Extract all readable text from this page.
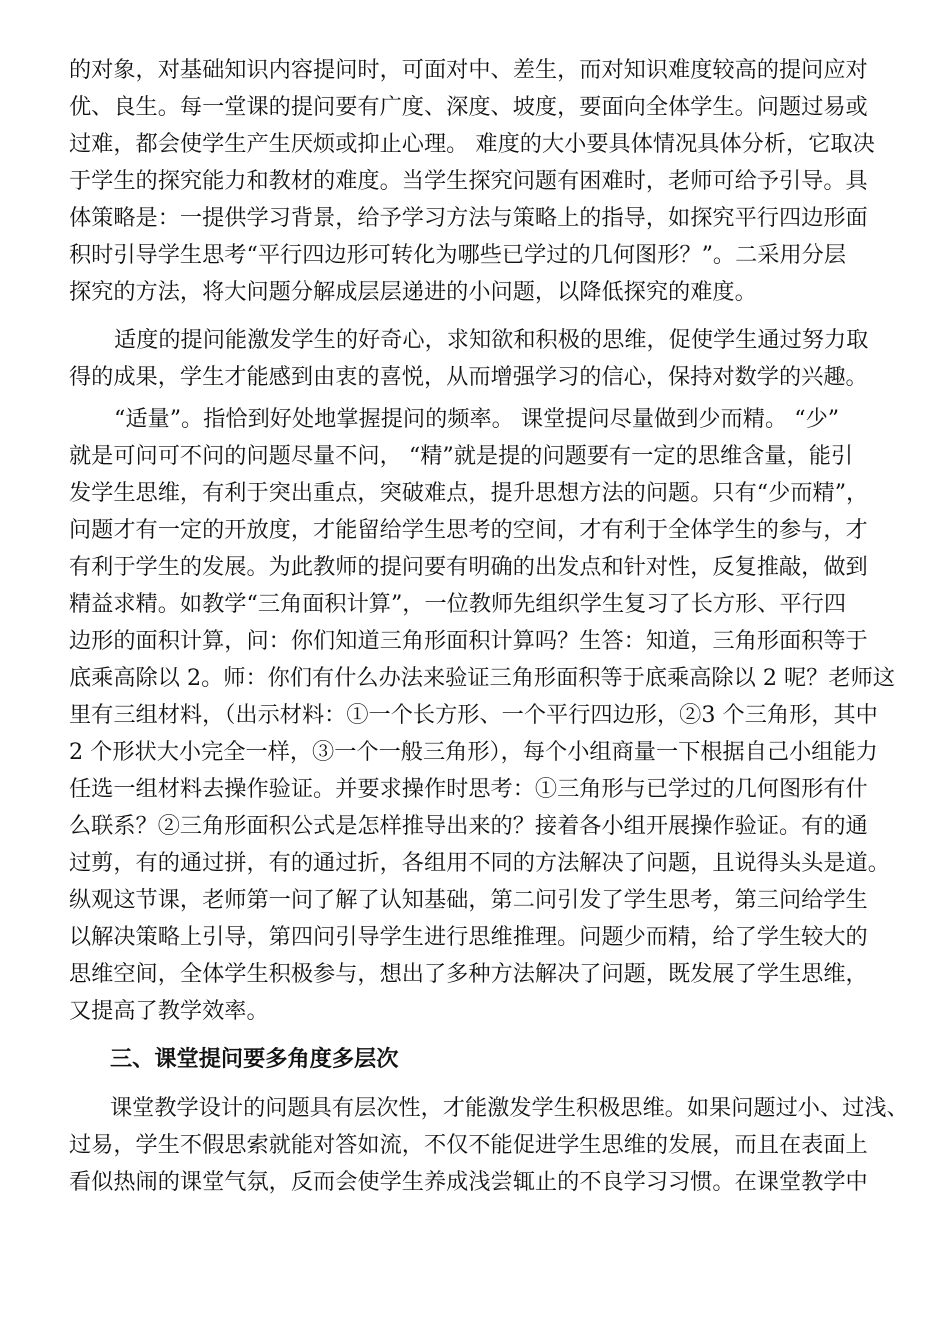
的对象，对基础知识内容提问时，可面对中、差生，而对知识难度较高的提问应对
优、良生。每一堂课的提问要有广度、深度、坡度，要面向全体学生。问题过易或
过难，都会使学生产生厌烦或抑止心理。 难度的大小要具体情况具体分析，它取决
于学生的探究能力和教材的难度。当学生探究问题有困难时，老师可给予引导。具
体策略是：一提供学习背景，给予学习方法与策略上的指导，如探究平行四边形面
积时引导学生思考“平行四边形可转化为哪些已学过的几何图形？”。二采用分层
探究的方法，将大问题分解成层层递进的小问题，以降低探究的难度。
适度的提问能激发学生的好奇心，求知欲和积极的思维，促使学生通过努力取
得的成果，学生才能感到由衷的喜悦，从而增强学习的信心，保持对数学的兴趣。
“适量”。指恰到好处地掌握提问的频率。 课堂提问尽量做到少而精。 “少”
就是可问可不问的问题尽量不问， “精”就是提的问题要有一定的思维含量，能引
发学生思维，有利于突出重点，突破难点，提升思想方法的问题。只有“少而精”，
问题才有一定的开放度，才能留给学生思考的空间，才有利于全体学生的参与，才
有利于学生的发展。为此教师的提问要有明确的出发点和针对性，反复推敲，做到
精益求精。如教学“三角面积计算”，一位教师先组织学生复习了长方形、平行四
边形的面积计算，问：你们知道三角形面积计算吗？生答：知道，三角形面积等于
底乘高除以 2。师：你们有什么办法来验证三角形面积等于底乘高除以 2 呢？老师这
里有三组材料，（出示材料：①一个长方形、一个平行四边形，②3 个三角形，其中
2 个形状大小完全一样，③一个一般三角形），每个小组商量一下根据自己小组能力
任选一组材料去操作验证。并要求操作时思考：①三角形与已学过的几何图形有什
么联系？②三角形面积公式是怎样推导出来的？接着各小组开展操作验证。有的通
过剪，有的通过拼，有的通过折，各组用不同的方法解决了问题，且说得头头是道。
纵观这节课，老师第一问了解了认知基础，第二问引发了学生思考，第三问给学生
以解决策略上引导，第四问引导学生进行思维推理。问题少而精，给了学生较大的
思维空间，全体学生积极参与，想出了多种方法解决了问题，既发展了学生思维，
又提高了教学效率。
三、课堂提问要多角度多层次
课堂教学设计的问题具有层次性，才能激发学生积极思维。如果问题过小、过浅、
过易，学生不假思索就能对答如流，不仅不能促进学生思维的发展，而且在表面上
看似热闹的课堂气氛，反而会使学生养成浅尝辄止的不良学习习惯。在课堂教学中
